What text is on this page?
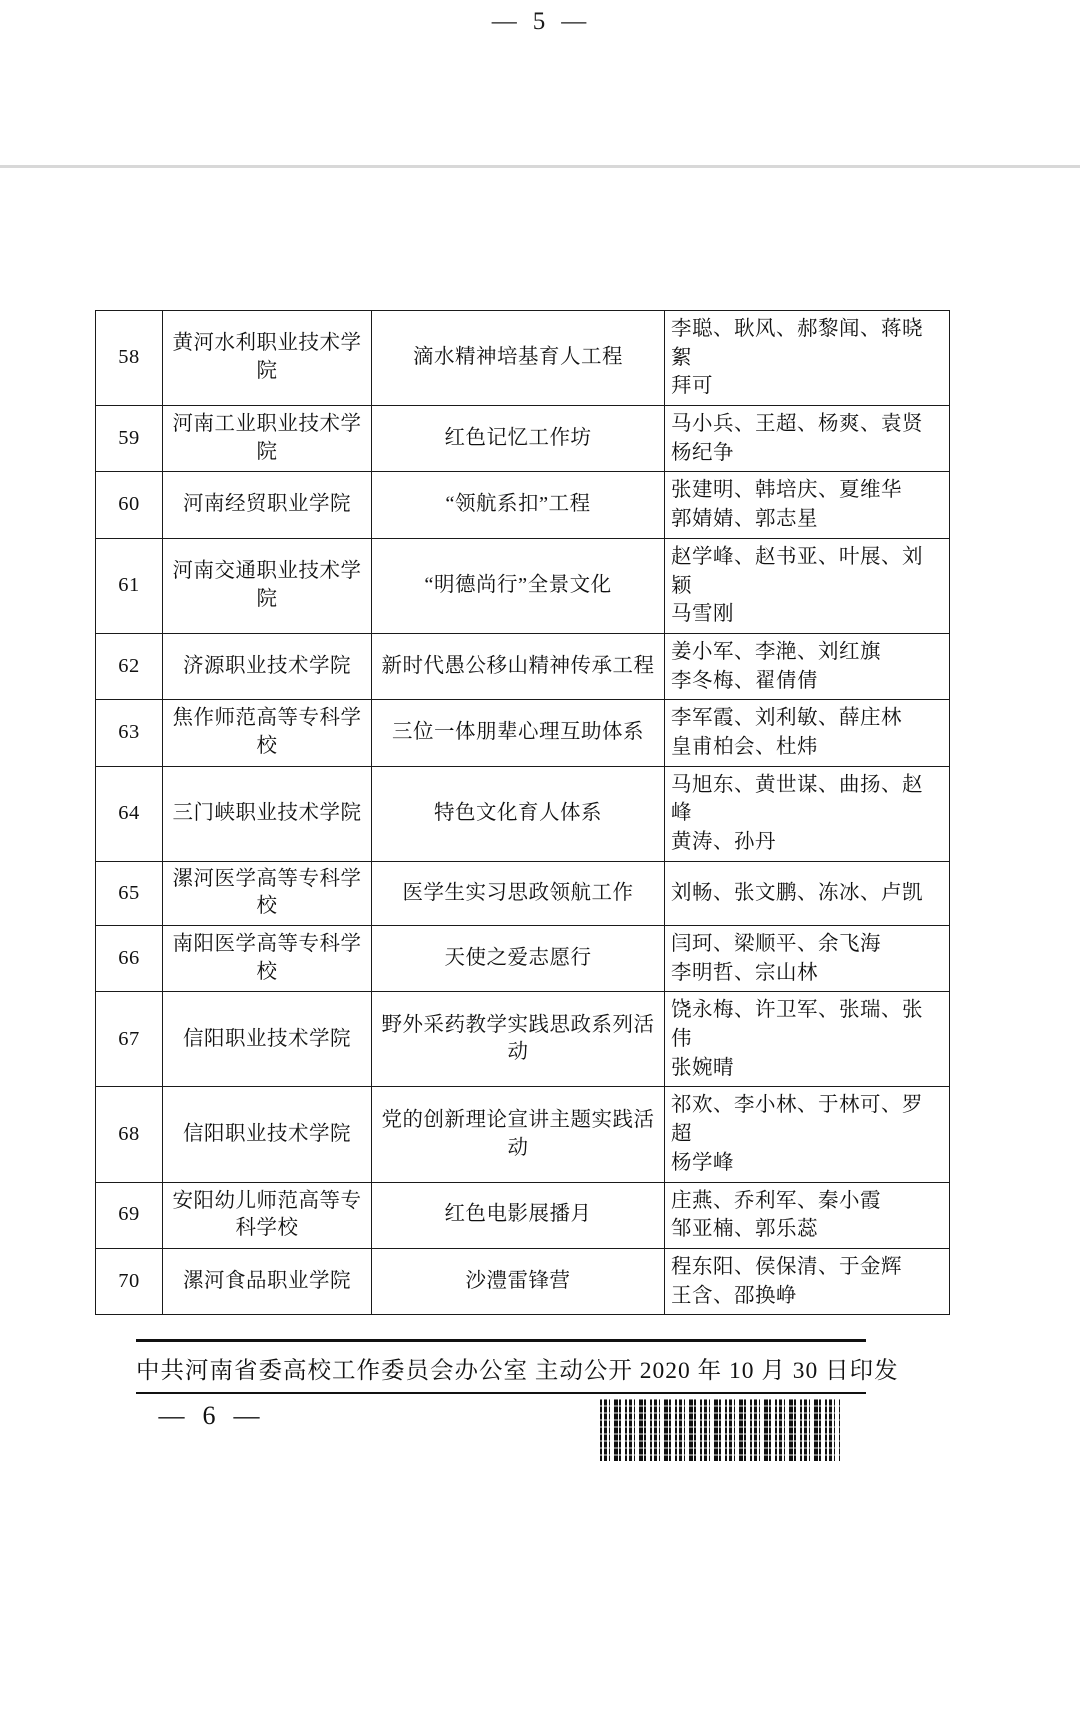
— 5 —
58	黄河水利职业技术学院	滴水精神培基育人工程	李聪、耿风、郝黎闻、蒋晓絮
拜可

59	河南工业职业技术学院	红色记忆工作坊	马小兵、王超、杨爽、袁贤
杨纪争

60	河南经贸职业学院	“领航系扣”工程	张建明、韩培庆、夏维华
郭婧婧、郭志星

61	河南交通职业技术学院	“明德尚行”全景文化	赵学峰、赵书亚、叶展、刘颖
马雪刚

62	济源职业技术学院	新时代愚公移山精神传承工程	姜小军、李滟、刘红旗
李冬梅、翟倩倩

63	焦作师范高等专科学校	三位一体朋辈心理互助体系	李军霞、刘利敏、薛庄林
皇甫柏会、杜炜

64	三门峡职业技术学院	特色文化育人体系	马旭东、黄世谋、曲扬、赵峰
黄涛、孙丹

65	漯河医学高等专科学校	医学生实习思政领航工作	刘畅、张文鹏、冻冰、卢凯

66	南阳医学高等专科学校	天使之爱志愿行	闫珂、梁顺平、余飞海
李明哲、宗山林

67	信阳职业技术学院	野外采药教学实践思政系列活动	饶永梅、许卫军、张瑞、张伟
张婉晴

68	信阳职业技术学院	党的创新理论宣讲主题实践活动	祁欢、李小林、于林可、罗超
杨学峰

69	安阳幼儿师范高等专科学校	红色电影展播月	庄燕、乔利军、秦小霞
邹亚楠、郭乐蕊

70	漯河食品职业学院	沙澧雷锋营	程东阳、侯保清、于金辉
王含、邵换峥
中共河南省委高校工作委员会办公室 主动公开 2020 年 10 月 30 日印发
— 6 —
